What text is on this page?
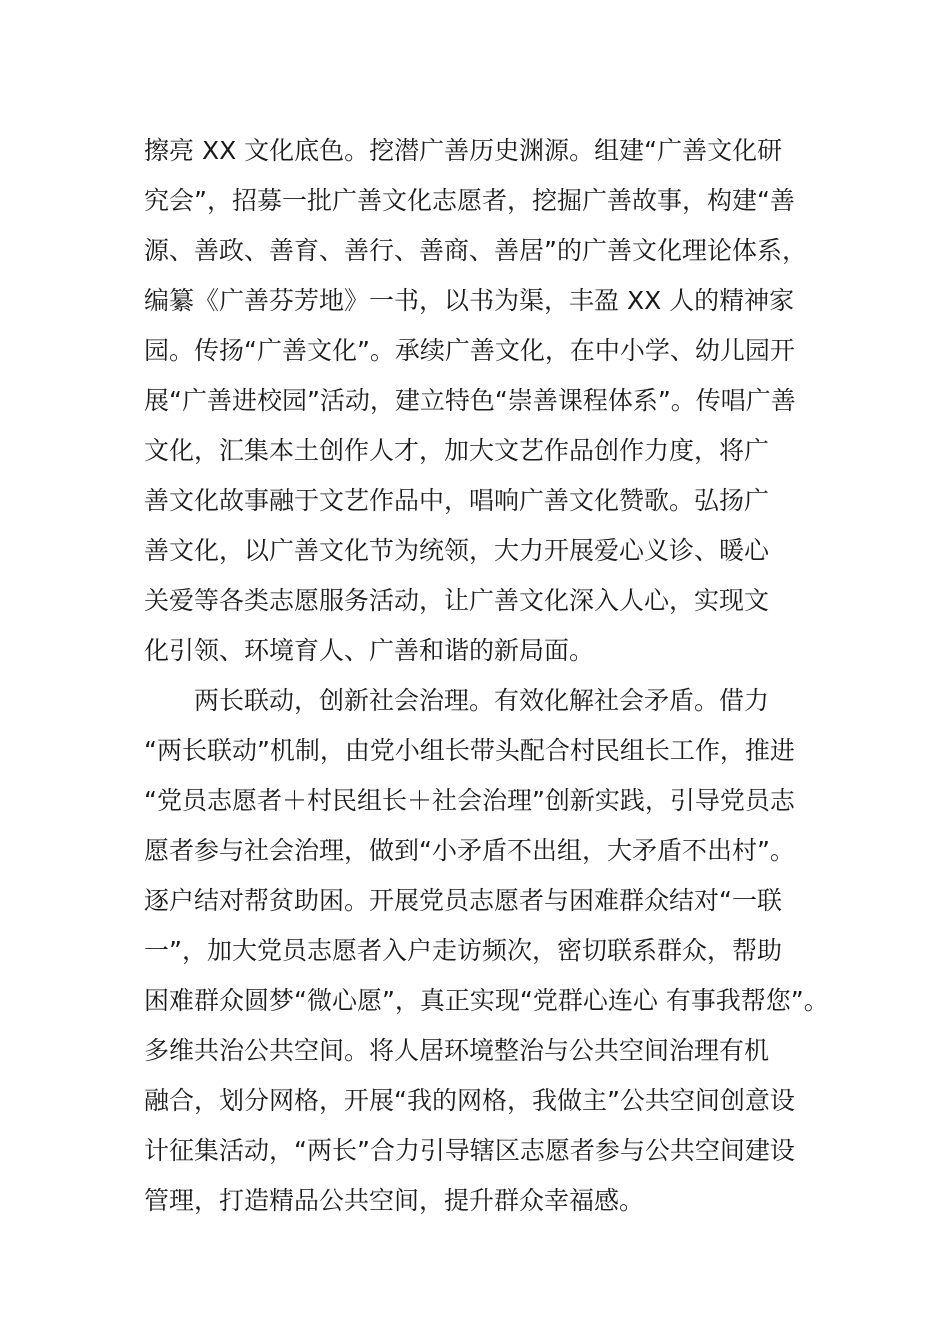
擦亮 XX 文化底色。挖潜广善历史渊源。组建“广善文化研
究会”，招募一批广善文化志愿者，挖掘广善故事，构建“善
源、善政、善育、善行、善商、善居”的广善文化理论体系，
编纂《广善芬芳地》一书，以书为渠，丰盈 XX 人的精神家
园。传扬“广善文化”。承续广善文化，在中小学、幼儿园开
展“广善进校园”活动，建立特色“崇善课程体系”。传唱广善
文化，汇集本土创作人才，加大文艺作品创作力度，将广
善文化故事融于文艺作品中，唱响广善文化赞歌。弘扬广
善文化，以广善文化节为统领，大力开展爱心义诊、暖心
关爱等各类志愿服务活动，让广善文化深入人心，实现文
化引领、环境育人、广善和谐的新局面。
两长联动，创新社会治理。有效化解社会矛盾。借力
“两长联动”机制，由党小组长带头配合村民组长工作，推进
“党员志愿者＋村民组长＋社会治理”创新实践，引导党员志
愿者参与社会治理，做到“小矛盾不出组，大矛盾不出村”。
逐户结对帮贫助困。开展党员志愿者与困难群众结对“一联
一”，加大党员志愿者入户走访频次，密切联系群众，帮助
困难群众圆梦“微心愿”，真正实现“党群心连心 有事我帮您”。
多维共治公共空间。将人居环境整治与公共空间治理有机
融合，划分网格，开展“我的网格，我做主”公共空间创意设
计征集活动，“两长”合力引导辖区志愿者参与公共空间建设
管理，打造精品公共空间，提升群众幸福感。
